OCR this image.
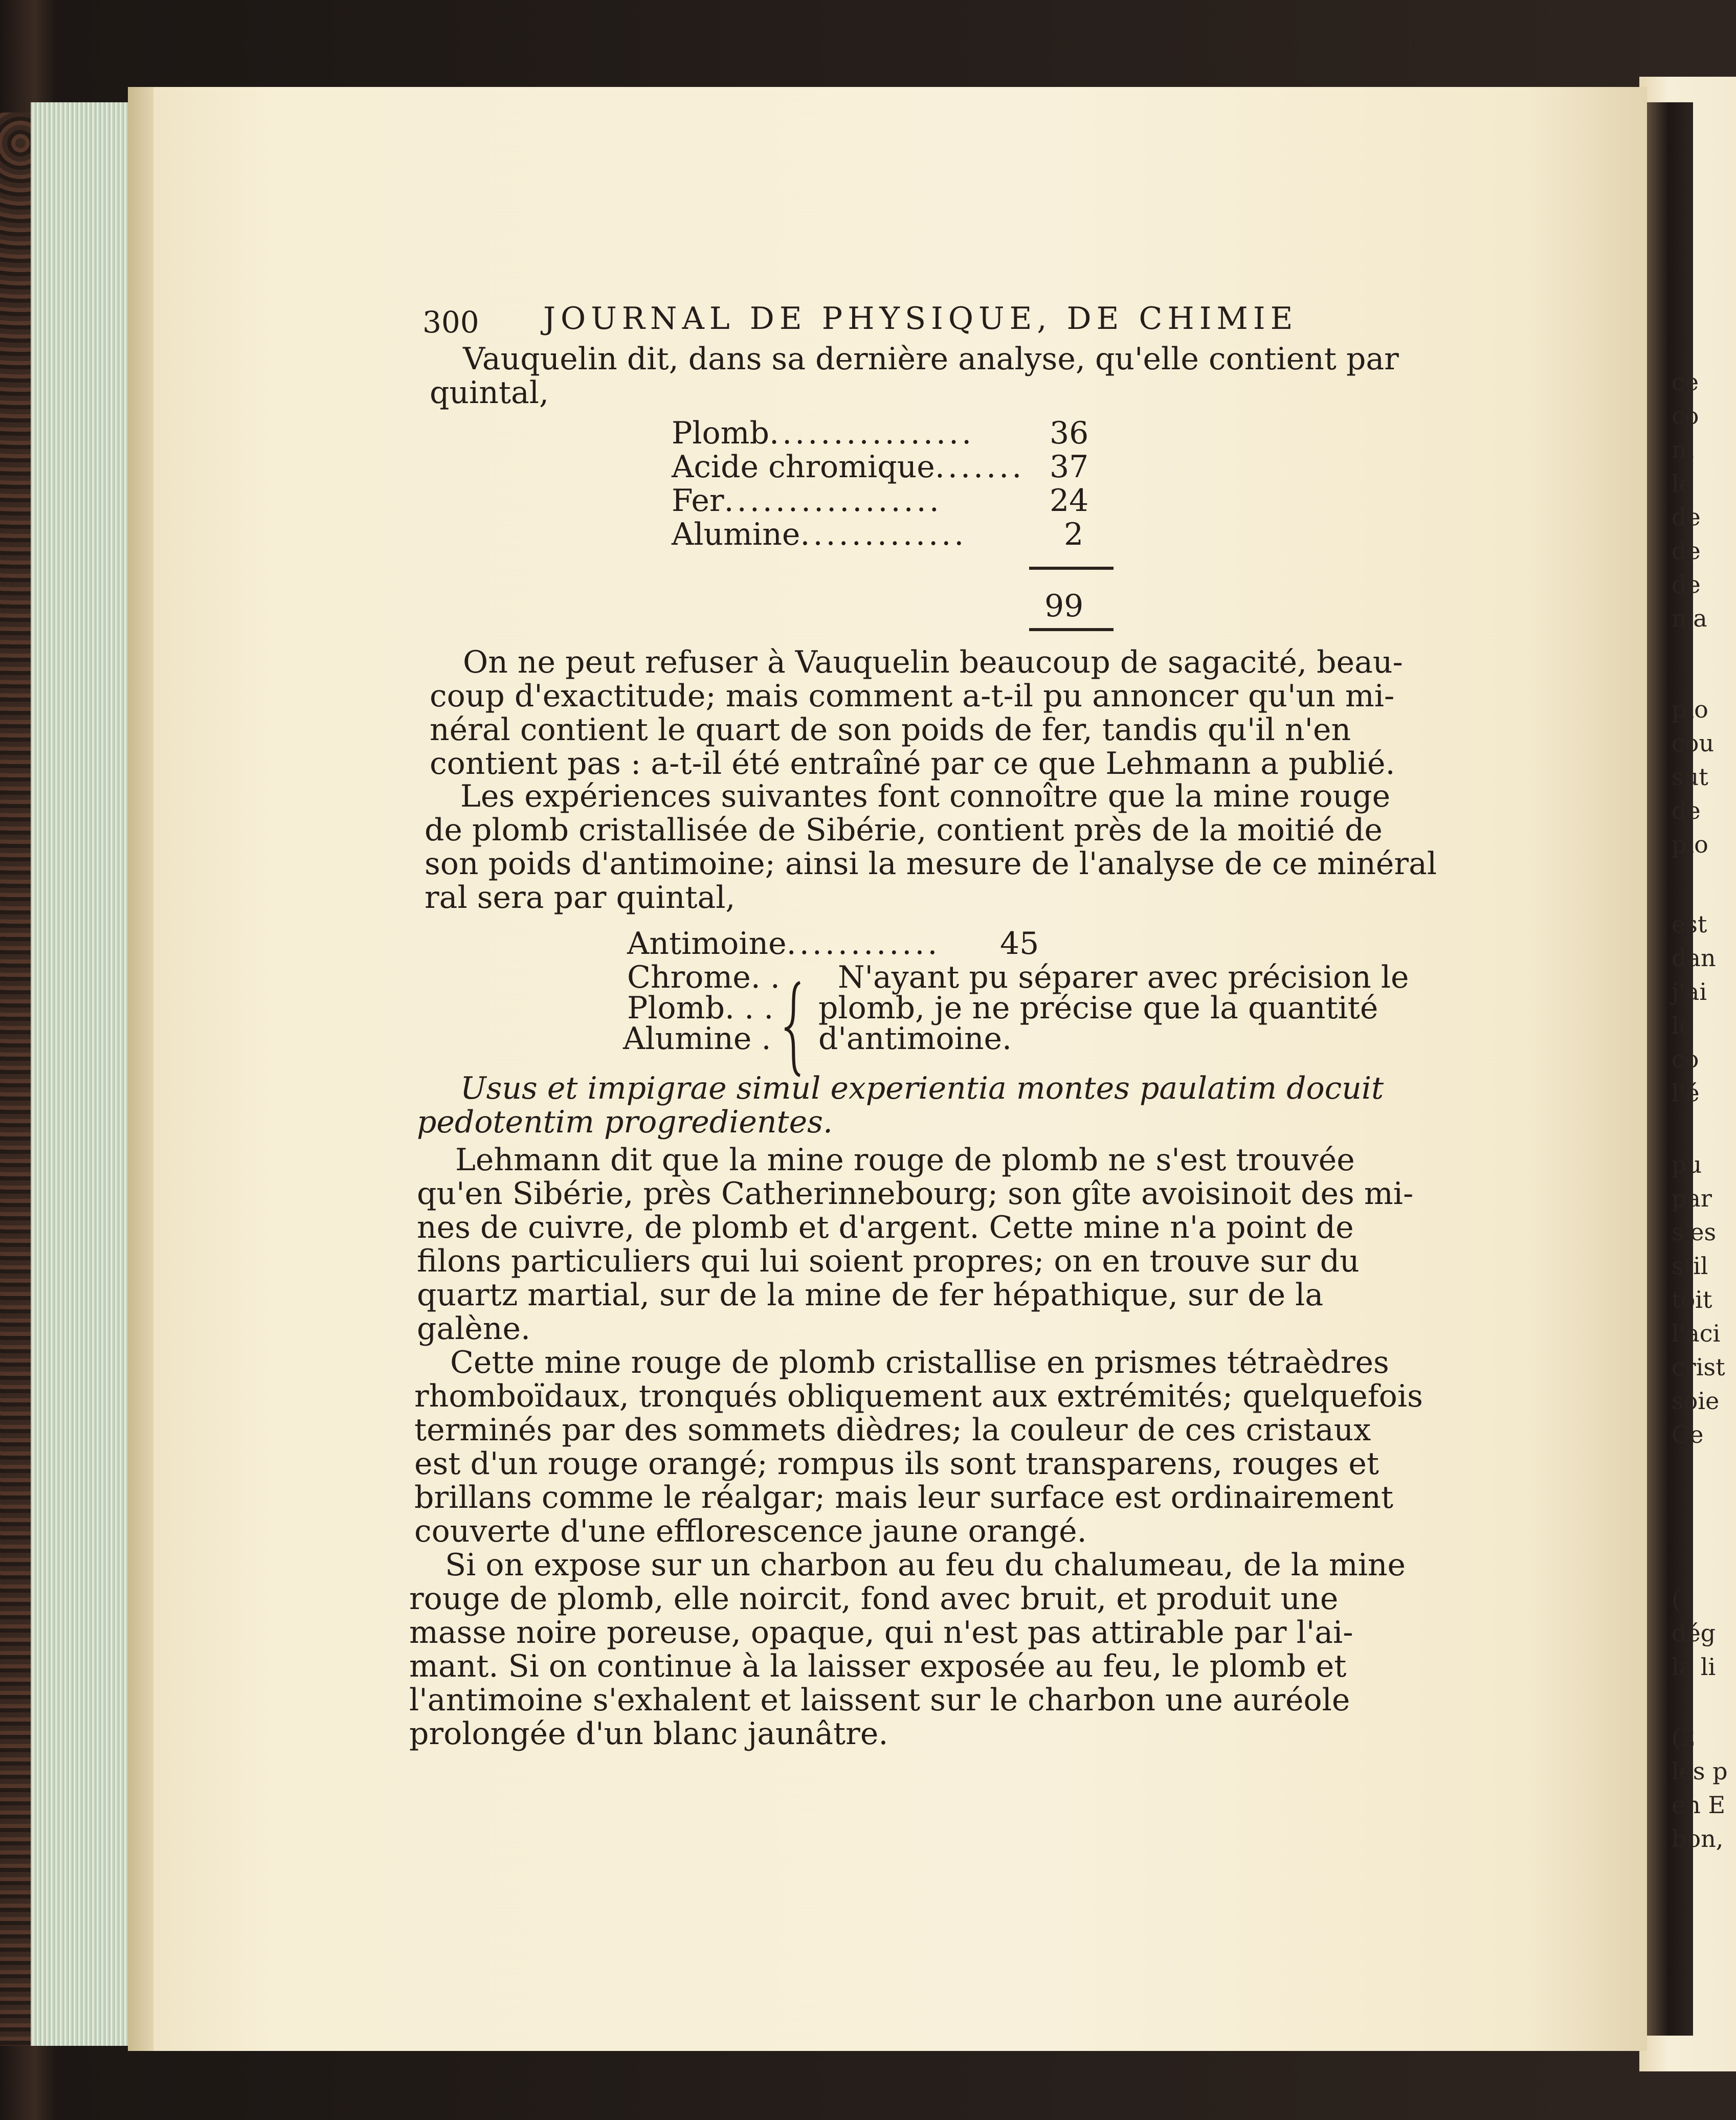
ce
co
m
le
de
de
de
n'a
plo
cou
sut
de
plo
est
dan
j'ai
le
co
l'é
pu
par
s'es
stil
toit
l'aci
crist
soie
Ce
(1
dég
la li
(2
les p
en E
bon,
300 JOURNAL DE PHYSIQUE, DE CHIMIE
Vauquelin dit, dans sa dernière analyse, qu'elle contient par
quintal,
Plomb................ 36
Acide chromique....... 37
Fer.................	24
Alumine.............	2
99
On ne peut refuser à Vauquelin beaucoup de sagacité, beau-
coup d'exactitude; mais comment a-t-il pu annoncer qu'un mi-
néral contient le quart de son poids de fer, tandis qu'il n'en
contient pas : a-t-il été entraîné par ce que Lehmann a publié.
Les expériences suivantes font connoître que la mine rouge
de plomb cristallisée de Sibérie, contient près de la moitié de
son poids d'antimoine; ainsi la mesure de l'analyse de ce minéral
ral sera par quintal,
Antimoine............ 45
Chrome. .
Plomb. . .
Alumine .
N'ayant pu séparer avec précision le
plomb, je ne précise que la quantité
d'antimoine.
Usus et impigrae simul experientia montes paulatim docuit
pedotentim progredientes.
Lehmann dit que la mine rouge de plomb ne s'est trouvée
qu'en Sibérie, près Catherinnebourg; son gîte avoisinoit des mi-
nes de cuivre, de plomb et d'argent. Cette mine n'a point de
filons particuliers qui lui soient propres; on en trouve sur du
quartz martial, sur de la mine de fer hépathique, sur de la
galène.
Cette mine rouge de plomb cristallise en prismes tétraèdres
rhomboïdaux, tronqués obliquement aux extrémités; quelquefois
terminés par des sommets dièdres; la couleur de ces cristaux
est d'un rouge orangé; rompus ils sont transparens, rouges et
brillans comme le réalgar; mais leur surface est ordinairement
couverte d'une efflorescence jaune orangé.
Si on expose sur un charbon au feu du chalumeau, de la mine
rouge de plomb, elle noircit, fond avec bruit, et produit une
masse noire poreuse, opaque, qui n'est pas attirable par l'ai-
mant. Si on continue à la laisser exposée au feu, le plomb et
l'antimoine s'exhalent et laissent sur le charbon une auréole
prolongée d'un blanc jaunâtre.
